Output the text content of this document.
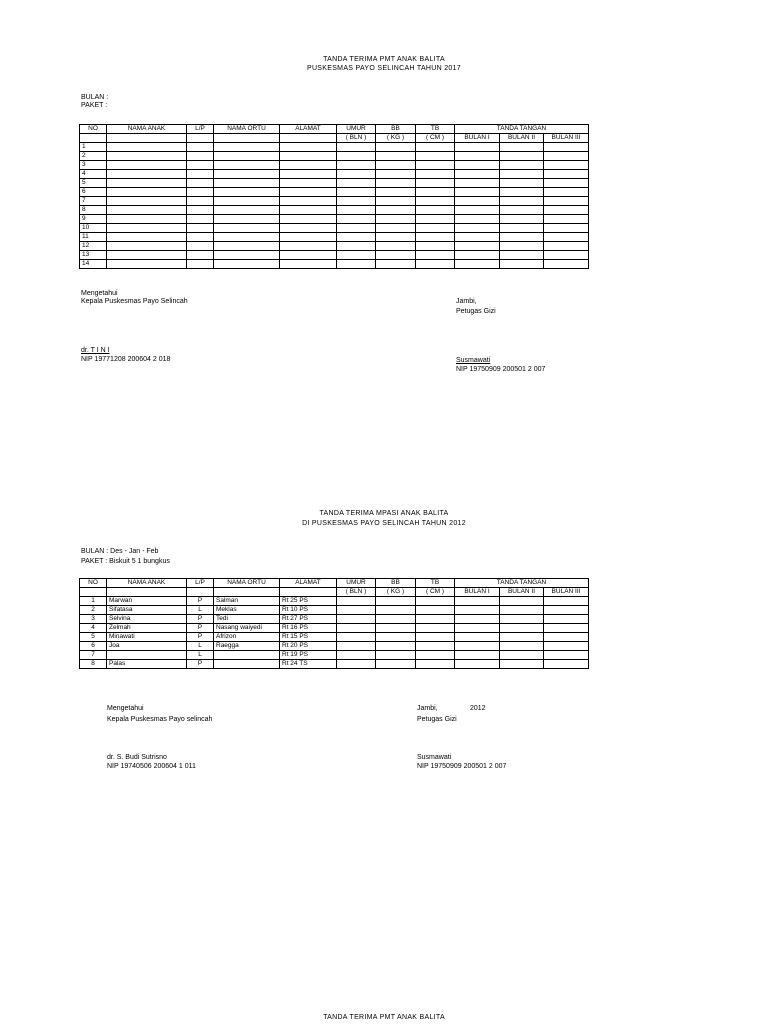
TANDA TERIMA PMT ANAK BALITA
PUSKESMAS PAYO SELINCAH TAHUN 2017
BULAN :
PAKET :
NO	NAMA ANAK	L/P	NAMA ORTU	ALAMAT	UMUR	BB	TB	TANDA TANGAN		
					( BLN )	( KG )	( CM )	BULAN I	BULAN II	BULAN III
1										
2										
3										
4										
5										
6										
7										
8										
9										
10										
11										
12										
13										
14										
Mengetahui
Kepala Puskesmas Payo Selincah	Jambi,
Petugas Gizi
dr. T I N I
NIP 19771208 200604 2 018	Susmawati
NIP 19750909 200501 2 007
TANDA TERIMA MPASI ANAK BALITA
DI PUSKESMAS PAYO SELINCAH TAHUN 2012
BULAN : Des - Jan - Feb
PAKET : Biskuit 5 1 bungkus
NO	NAMA ANAK	L/P	NAMA ORTU	ALAMAT	UMUR	BB	TB	TANDA TANGAN		
					( BLN )	( KG )	( CM )	BULAN I	BULAN II	BULAN III
1	Marwan	P	Salman	Rt 25 PS						
2	Sifatasa	L	Meklas	Rt 10 PS						
3	Selvina	P	Tedi	Rt 27 PS						
4	Zelmah	P	Nasang waiyedi	Rt 16 PS						
5	Minawati	P	Afrizon	Rt 15 PS						
6	Joa	L	Raegga	Rt 20 PS						
7		L		Rt 19 PS						
8	Palas	P		Rt 24 TS						
Mengetahui
Kepala Puskesmas Payo selincah
Jambi,	2012
Petugas Gizi
dr. S. Budi Sutrisno
NIP 19740506 200604 1 011
Susmawati
NIP 19750909 200501 2 007
TANDA TERIMA PMT ANAK BALITA
